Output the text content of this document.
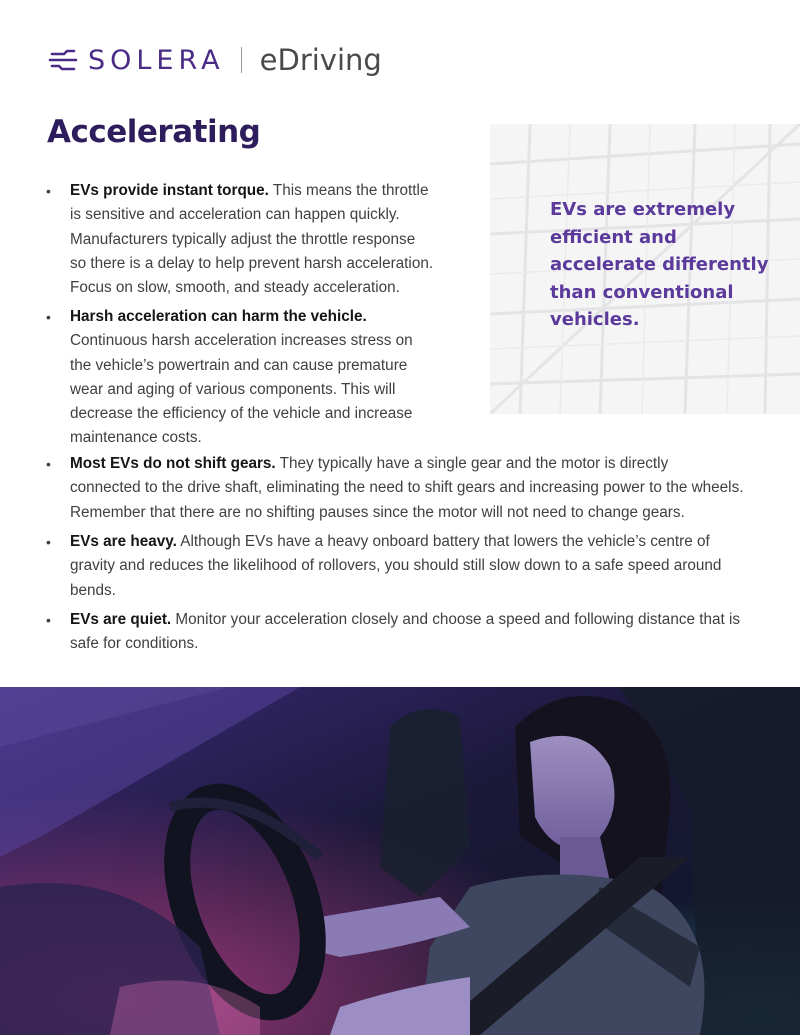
SOLERA eDriving
Accelerating
EVs are extremely efficient and accelerate differently than conventional vehicles.
• EVs provide instant torque. This means the throttle
is sensitive and acceleration can happen quickly.
Manufacturers typically adjust the throttle response
so there is a delay to help prevent harsh acceleration.
Focus on slow, smooth, and steady acceleration.
• Harsh acceleration can harm the vehicle.
Continuous harsh acceleration increases stress on
the vehicle’s powertrain and can cause premature
wear and aging of various components. This will
decrease the efficiency of the vehicle and increase
maintenance costs.
• Most EVs do not shift gears. They typically have a single gear and the motor is directly
connected to the drive shaft, eliminating the need to shift gears and increasing power to the wheels.
Remember that there are no shifting pauses since the motor will not need to change gears.
• EVs are heavy. Although EVs have a heavy onboard battery that lowers the vehicle’s centre of
gravity and reduces the likelihood of rollovers, you should still slow down to a safe speed around
bends.
• EVs are quiet. Monitor your acceleration closely and choose a speed and following distance that is
safe for conditions.
